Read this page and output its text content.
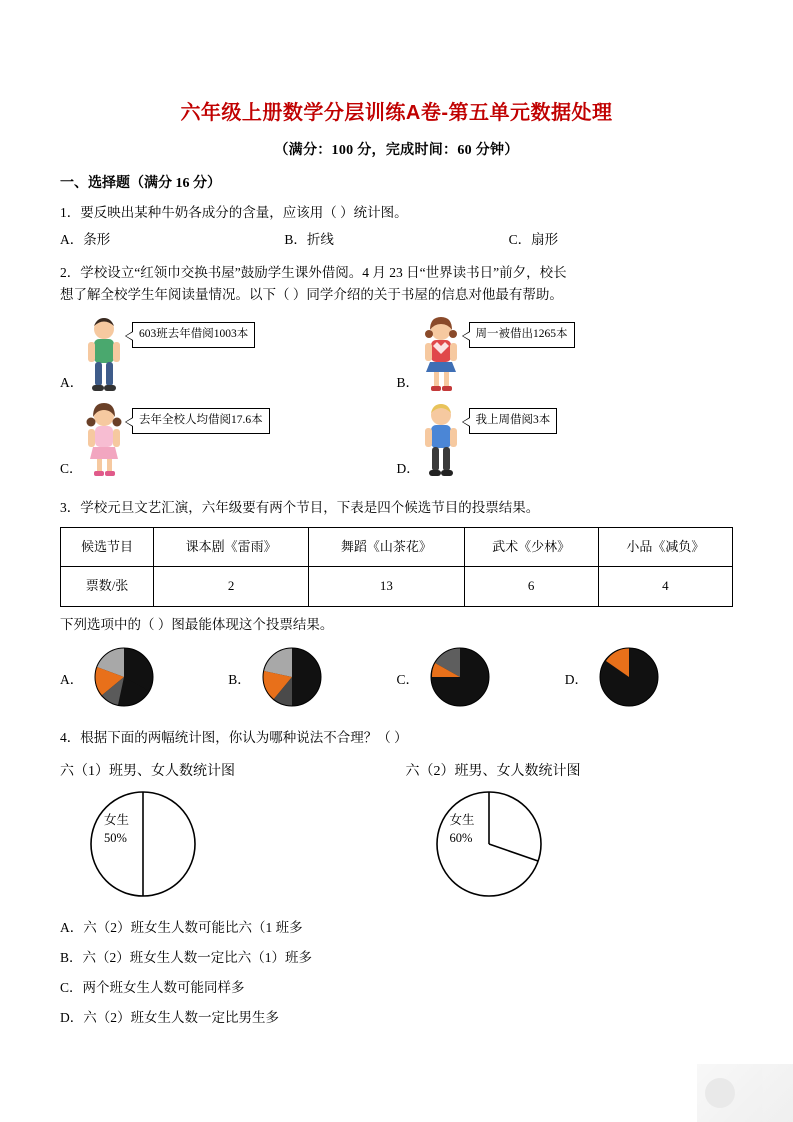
六年级上册数学分层训练A卷-第五单元数据处理
（满分：100 分，完成时间：60 分钟）
一、选择题（满分 16 分）
1．要反映出某种牛奶各成分的含量，应该用（ ）统计图。
A．条形	B．折线	C．扇形
2．学校设立“红领巾交换书屋”鼓励学生课外借阅。4 月 23 日“世界读书日”前夕，校长
想了解全校学生年阅读量情况。以下（ ）同学介绍的关于书屋的信息对他最有帮助。
A．
603班去年借阅1003本
B．
周一被借出1265本
C．
去年全校人均借阅17.6本
D．
我上周借阅3本
3．学校元旦文艺汇演，六年级要有两个节目，下表是四个候选节目的投票结果。
候选节目	课本剧《雷雨》	舞蹈《山茶花》	武术《少林》	小品《减负》
票数/张	2	13	6	4
下列选项中的（ ）图最能体现这个投票结果。
A．	B．	C．	D．
4．根据下面的两幅统计图，你认为哪种说法不合理？（ ）
六（1）班男、女人数统计图	六（2）班男、女人数统计图
女生
50%
女生
60%
A．六（2）班女生人数可能比六（1 班多
B．六（2）班女生人数一定比六（1）班多
C．两个班女生人数可能同样多
D．六（2）班女生人数一定比男生多
